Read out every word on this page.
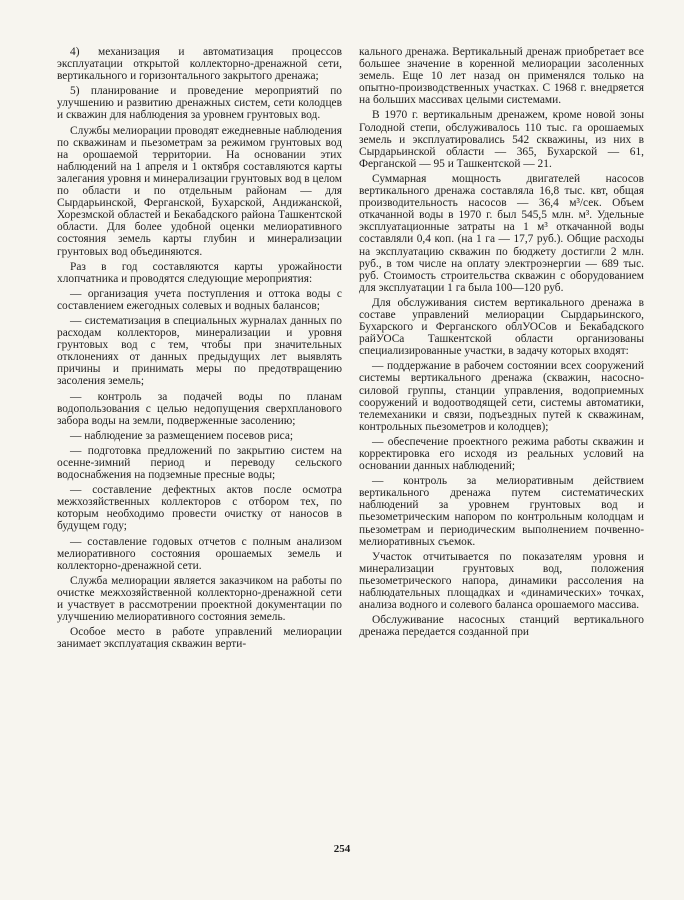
4) механизация и автоматизация процессов эксплуатации открытой коллекторно-дренажной сети, вертикального и горизонтального закрытого дренажа;

5) планирование и проведение мероприятий по улучшению и развитию дренажных систем, сети колодцев и скважин для наблюдения за уровнем грунтовых вод.

Службы мелиорации проводят ежедневные наблюдения по скважинам и пьезометрам за режимом грунтовых вод на орошаемой территории. На основании этих наблюдений на 1 апреля и 1 октября составляются карты залегания уровня и минерализации грунтовых вод в целом по области и по отдельным районам — для Сырдарьинской, Ферганской, Бухарской, Андижанской, Хорезмской областей и Бекабадского района Ташкентской области. Для более удобной оценки мелиоративного состояния земель карты глубин и минерализации грунтовых вод объединяются.

Раз в год составляются карты урожайности хлопчатника и проводятся следующие мероприятия:

— организация учета поступления и оттока воды с составлением ежегодных солевых и водных балансов;

— систематизация в специальных журналах данных по расходам коллекторов, минерализации и уровня грунтовых вод с тем, чтобы при значительных отклонениях от данных предыдущих лет выявлять причины и принимать меры по предотвращению засоления земель;

— контроль за подачей воды по планам водопользования с целью недопущения сверхпланового забора воды на земли, подверженные засолению;

— наблюдение за размещением посевов риса;

— подготовка предложений по закрытию систем на осенне-зимний период и переводу сельского водоснабжения на подземные пресные воды;

— составление дефектных актов после осмотра межхозяйственных коллекторов с отбором тех, по которым необходимо провести очистку от наносов в будущем году;

— составление годовых отчетов с полным анализом мелиоративного состояния орошаемых земель и коллекторно-дренажной сети.

Служба мелиорации является заказчиком на работы по очистке межхозяйственной коллекторно-дренажной сети и участвует в рассмотрении проектной документации по улучшению мелиоративного состояния земель.

Особое место в работе управлений мелиорации занимает эксплуатация скважин верти-

кального дренажа. Вертикальный дренаж приобретает все большее значение в коренной мелиорации засоленных земель. Еще 10 лет назад он применялся только на опытно-производственных участках. С 1968 г. внедряется на больших массивах целыми системами.

В 1970 г. вертикальным дренажем, кроме новой зоны Голодной степи, обслуживалось 110 тыс. га орошаемых земель и эксплуатировались 542 скважины, из них в Сырдарьинской области — 365, Бухарской — 61, Ферганской — 95 и Ташкентской — 21.

Суммарная мощность двигателей насосов вертикального дренажа составляла 16,8 тыс. квт, общая производительность насосов — 36,4 м³/сек. Объем откачанной воды в 1970 г. был 545,5 млн. м³. Удельные эксплуатационные затраты на 1 м³ откачанной воды составляли 0,4 коп. (на 1 га — 17,7 руб.). Общие расходы на эксплуатацию скважин по бюджету достигли 2 млн. руб., в том числе на оплату электроэнергии — 689 тыс. руб. Стоимость строительства скважин с оборудованием для эксплуатации 1 га была 100—120 руб.

Для обслуживания систем вертикального дренажа в составе управлений мелиорации Сырдарьинского, Бухарского и Ферганского облУОСов и Бекабадского райУОСа Ташкентской области организованы специализированные участки, в задачу которых входят:

— поддержание в рабочем состоянии всех сооружений системы вертикального дренажа (скважин, насосно-силовой группы, станции управления, водоприемных сооружений и водоотводящей сети, системы автоматики, телемеханики и связи, подъездных путей к скважинам, контрольных пьезометров и колодцев);

— обеспечение проектного режима работы скважин и корректировка его исходя из реальных условий на основании данных наблюдений;

— контроль за мелиоративным действием вертикального дренажа путем систематических наблюдений за уровнем грунтовых вод и пьезометрическим напором по контрольным колодцам и пьезометрам и периодическим выполнением почвенно-мелиоративных съемок.

Участок отчитывается по показателям уровня и минерализации грунтовых вод, положения пьезометрического напора, динамики рассоления на наблюдательных площадках и «динамических» точках, анализа водного и солевого баланса орошаемого массива.

Обслуживание насосных станций вертикального дренажа передается созданной при

254
